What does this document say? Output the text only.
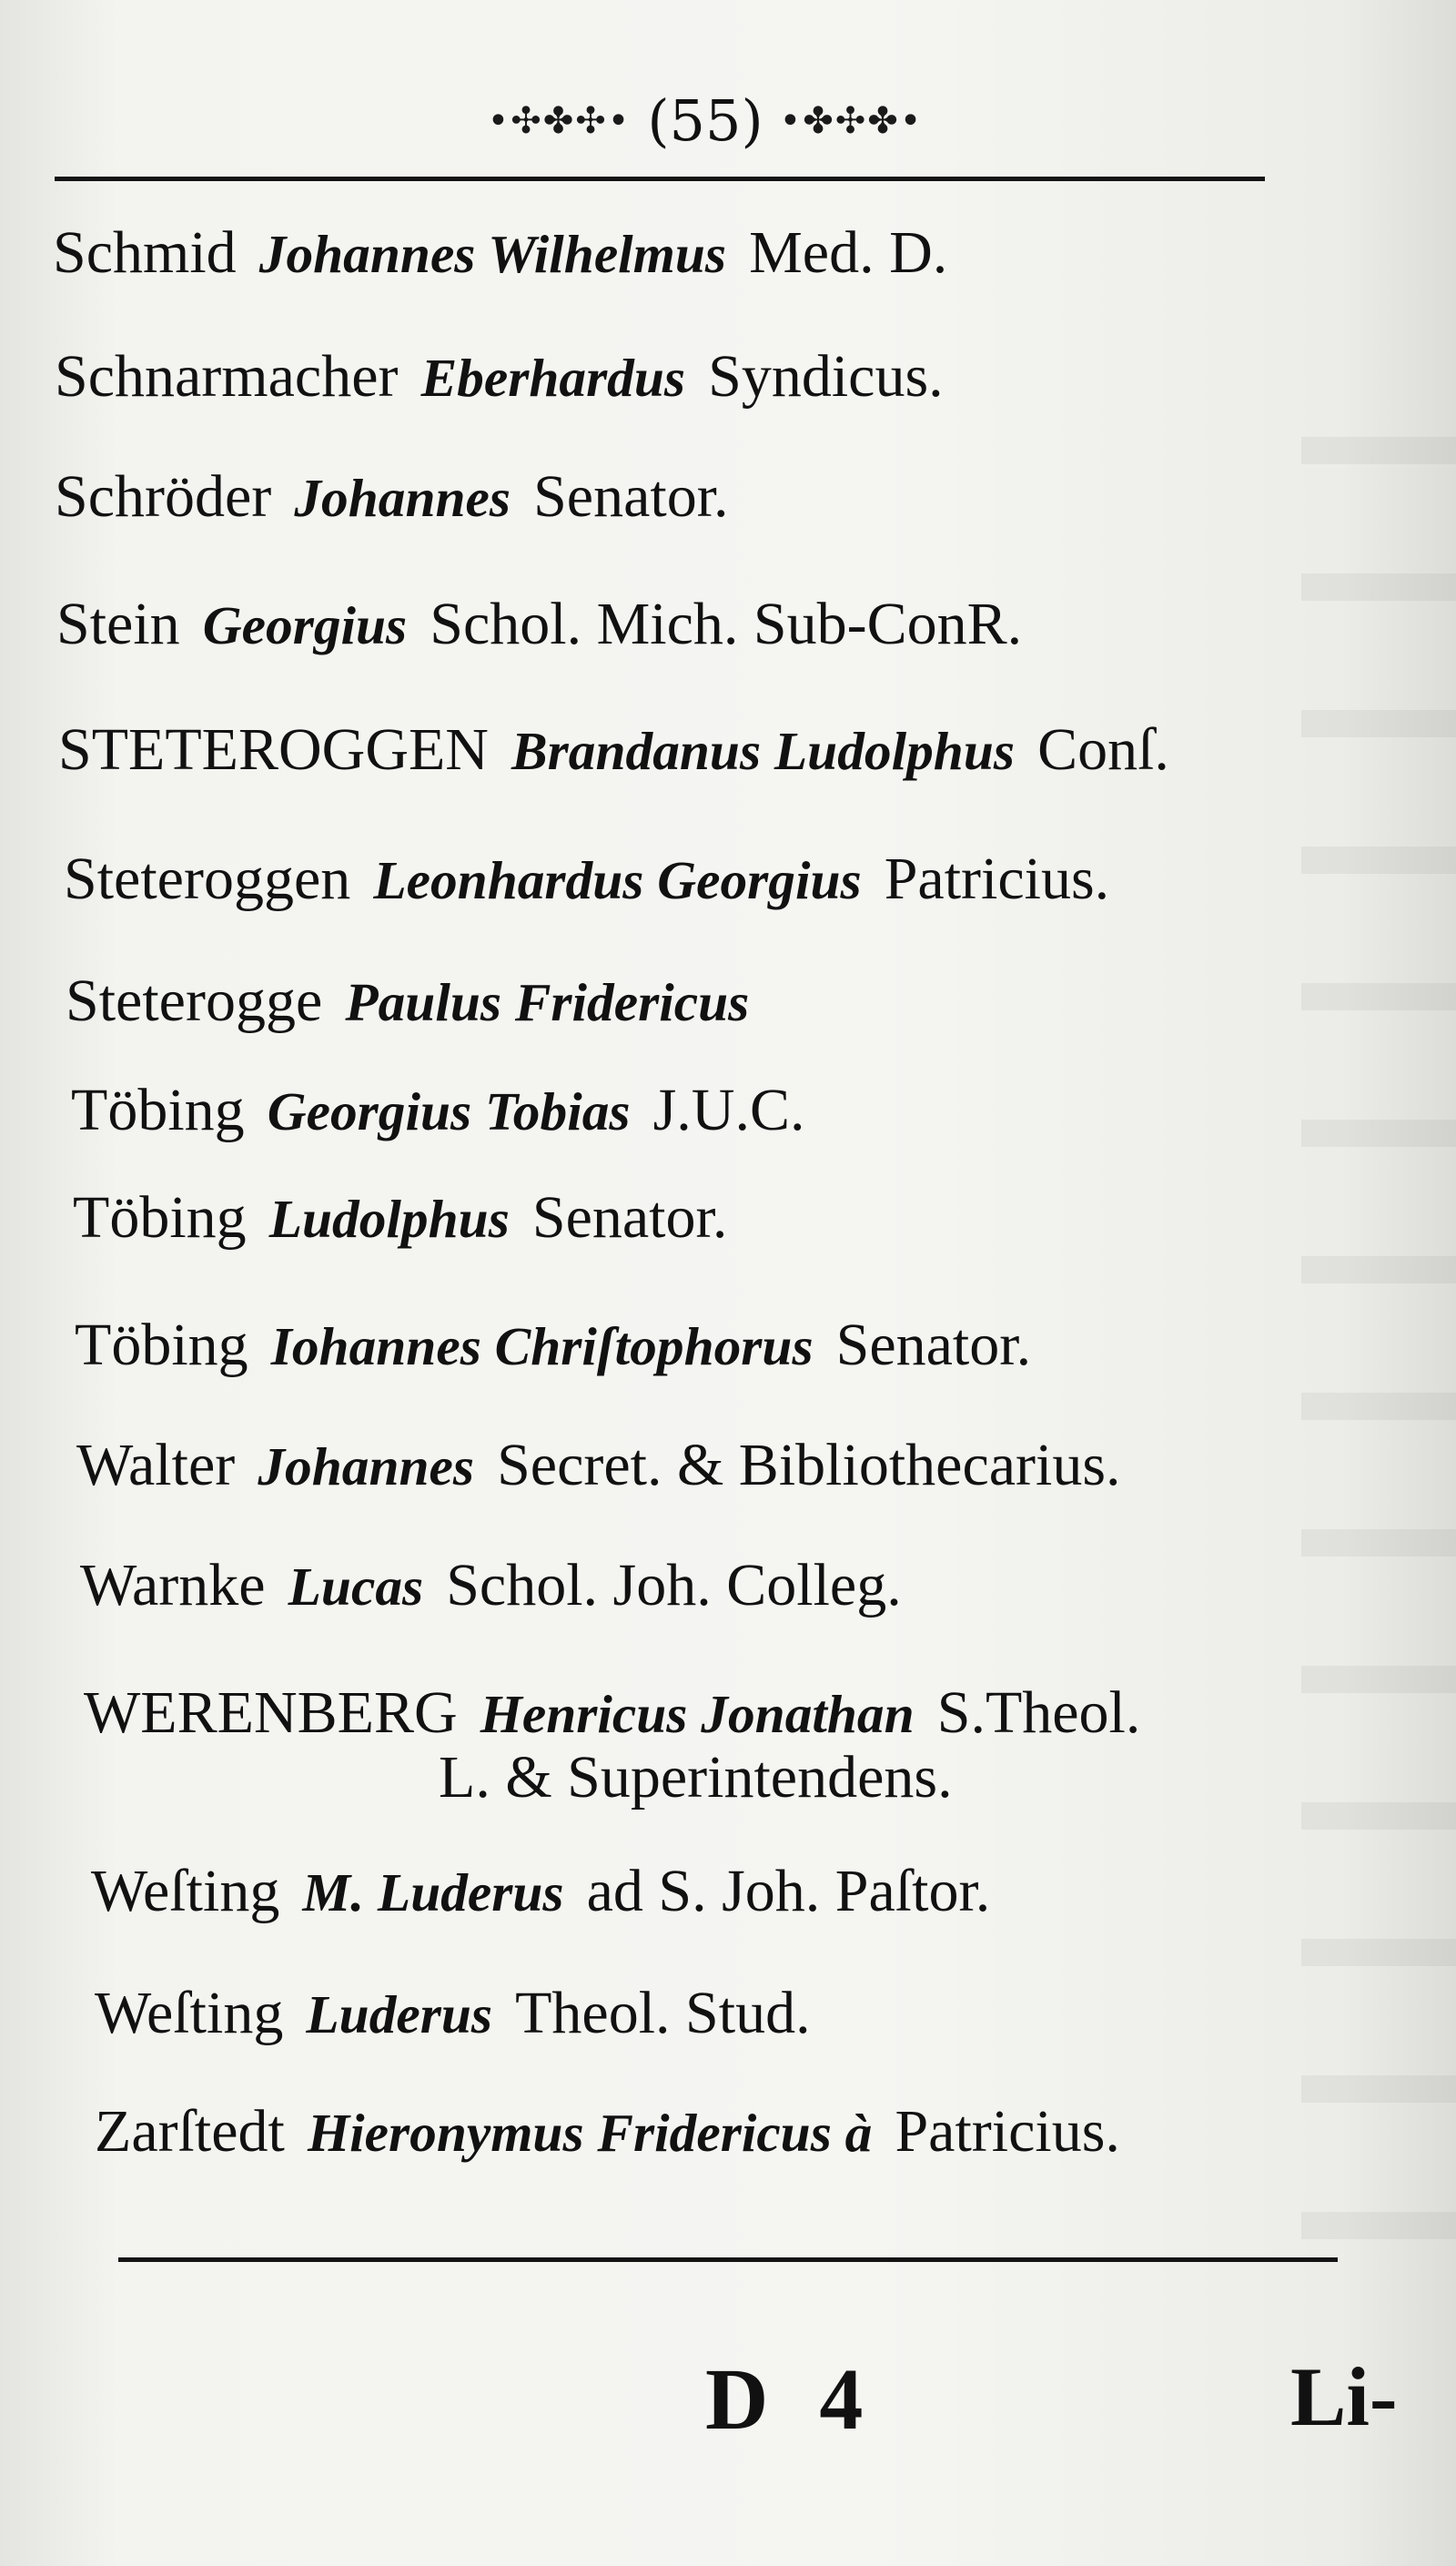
•✣✤✣• (55) •✤✣✤•
Schmid Johannes Wilhelmus Med. D.
Schnarmacher Eberhardus Syndicus.
Schröder Johannes Senator.
Stein Georgius Schol. Mich. Sub-ConR.
STETEROGGEN Brandanus Ludolphus Conſ.
Steteroggen Leonhardus Georgius Patricius.
Steterogge Paulus Fridericus
Töbing Georgius Tobias J.U.C.
Töbing Ludolphus Senator.
Töbing Iohannes Chriſtophorus Senator.
Walter Johannes Secret. & Bibliothecarius.
Warnke Lucas Schol. Joh. Colleg.
WERENBERG Henricus Jonathan S.Theol.
L. & Superintendens.
Weſting M. Luderus ad S. Joh. Paſtor.
Weſting Luderus Theol. Stud.
Zarſtedt Hieronymus Fridericus à Patricius.
D 4	Li-
